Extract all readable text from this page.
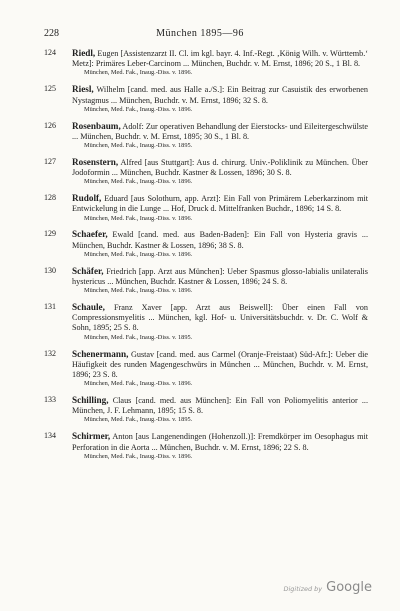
228	München 1895—96
124 Riedl, Eugen [Assistenzarzt II. Cl. im kgl. bayr. 4. Inf.-Regt. ‚König Wilh. v. Württemb.‘ Metz]: Primäres Leber-Carcinom ... München, Buchdr. v. M. Ernst, 1896; 20 S., 1 Bl. 8.
München, Med. Fak., Inaug.-Diss. v. 1896.
125 Riesl, Wilhelm [cand. med. aus Halle a./S.]: Ein Beitrag zur Casuistik des erworbenen Nystagmus ... München, Buchdr. v. M. Ernst, 1896; 32 S. 8.
München, Med. Fak., Inaug.-Diss. v. 1896.
126 Rosenbaum, Adolf: Zur operativen Behandlung der Eierstocks- und Eileitergeschwülste ... München, Buchdr. v. M. Ernst, 1895; 30 S., 1 Bl. 8.
München, Med. Fak., Inaug.-Diss. v. 1895.
127 Rosenstern, Alfred [aus Stuttgart]: Aus d. chirurg. Univ.-Poliklinik zu München. Über Jodoformin ... München, Buchdr. Kastner & Lossen, 1896; 30 S. 8.
München, Med. Fak., Inaug.-Diss. v. 1896.
128 Rudolf, Eduard [aus Solothurn, app. Arzt]: Ein Fall von Primärem Leberkarzinom mit Entwickelung in die Lunge ... Hof, Druck d. Mittelfranken Buchdr., 1896; 14 S. 8.
München, Med. Fak., Inaug.-Diss. v. 1896.
129 Schaefer, Ewald [cand. med. aus Baden-Baden]: Ein Fall von Hysteria gravis ... München, Buchdr. Kastner & Lossen, 1896; 38 S. 8.
München, Med. Fak., Inaug.-Diss. v. 1896.
130 Schäfer, Friedrich [app. Arzt aus München]: Ueber Spasmus glosso-labialis unilateralis hystericus ... München, Buchdr. Kastner & Lossen, 1896; 24 S. 8.
München, Med. Fak., Inaug.-Diss. v. 1896.
131 Schaule, Franz Xaver [app. Arzt aus Beiswell]: Über einen Fall von Compressionsmyelitis ... München, kgl. Hof- u. Universitätsbuchdr. v. Dr. C. Wolf & Sohn, 1895; 25 S. 8.
München, Med. Fak., Inaug.-Diss. v. 1895.
132 Schenermann, Gustav [cand. med. aus Carmel (Oranje-Freistaat) Süd-Afr.]: Ueber die Häufigkeit des runden Magengeschwürs in München ... München, Buchdr. v. M. Ernst, 1896; 23 S. 8.
München, Med. Fak., Inaug.-Diss. v. 1896.
133 Schilling, Claus [cand. med. aus München]: Ein Fall von Poliomyelitis anterior ... München, J. F. Lehmann, 1895; 15 S. 8.
München, Med. Fak., Inaug.-Diss. v. 1895.
134 Schirmer, Anton [aus Langenendingen (Hohenzoll.)]: Fremdkörper im Oesophagus mit Perforation in die Aorta ... München, Buchdr. v. M. Ernst, 1896; 22 S. 8.
München, Med. Fak., Inaug.-Diss. v. 1896.
Digitized by Google
